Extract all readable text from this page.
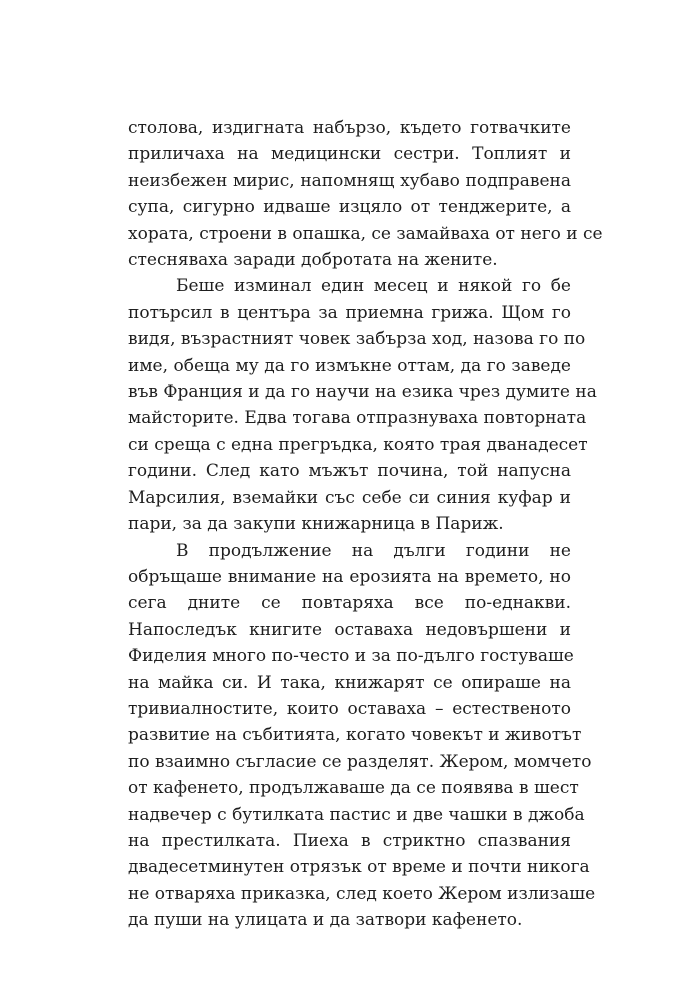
столова, издигната набързо, където готвачките
приличаха на медицински сестри. Топлият и
неизбежен мирис, напомнящ хубаво подправена
супа, сигурно идваше изцяло от тенджерите, а
хората, строени в опашка, се замайваха от него и се
стесняваха заради добротата на жените.

Беше изминал един месец и някой го бе
потърсил в центъра за приемна грижа. Щом го
видя, възрастният човек забърза ход, назова го по
име, обеща му да го измъкне оттам, да го заведе
във Франция и да го научи на езика чрез думите на
майсторите. Едва тогава отпразнуваха повторната
си среща с една прегръдка, която трая дванадесет
години. След като мъжът почина, той напусна
Марсилия, вземайки със себе си синия куфар и
пари, за да закупи книжарница в Париж.

В продължение на дълги години не
обръщаше внимание на ерозията на времето, но
сега дните се повтаряха все по-еднакви.
Напоследък книгите оставаха недовършени и
Фиделия много по-често и за по-дълго гостуваше
на майка си. И така, книжарят се опираше на
тривиалностите, които оставаха – естественото
развитие на събитията, когато човекът и животът
по взаимно съгласие се разделят. Жером, момчето
от кафенето, продължаваше да се появява в шест
надвечер с бутилката пастис и две чашки в джоба
на престилката. Пиеха в стриктно спазвания
двадесетминутен отрязък от време и почти никога
не отваряха приказка, след което Жером излизаше
да пуши на улицата и да затвори кафенето.
